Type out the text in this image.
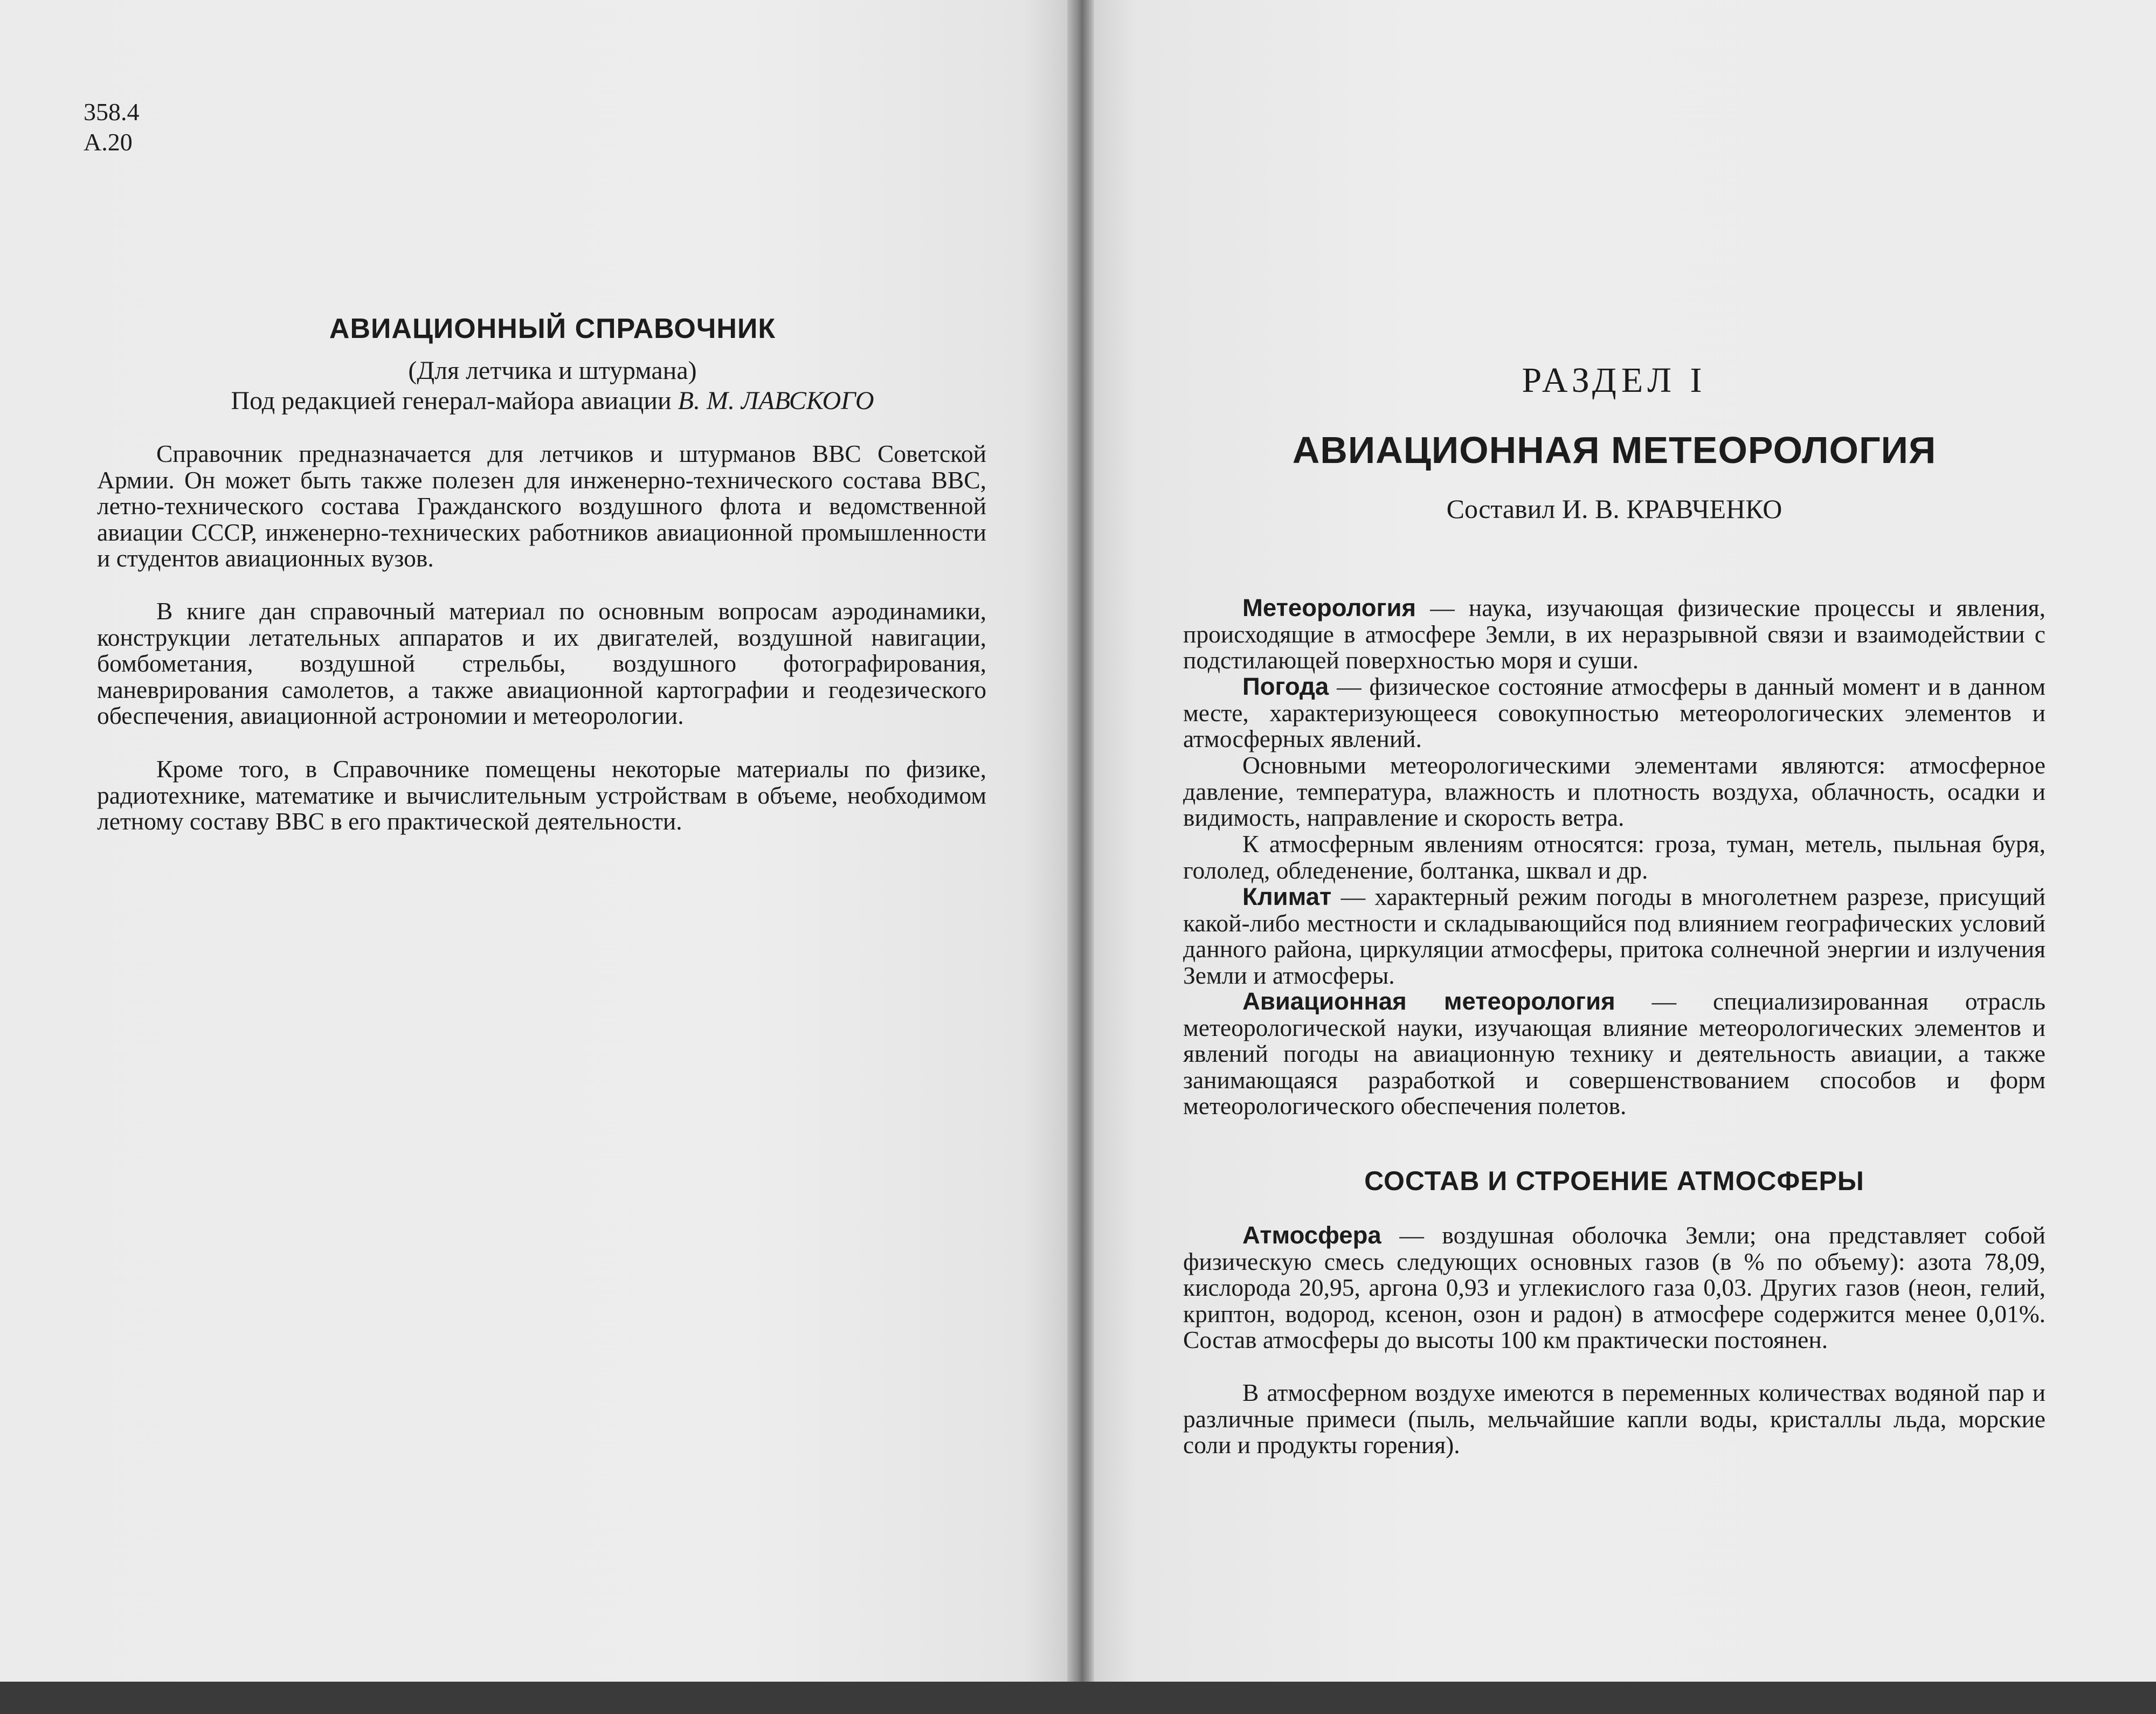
358.4
А.20
АВИАЦИОННЫЙ СПРАВОЧНИК
(Для летчика и штурмана)
Под редакцией генерал-майора авиации В. М. ЛАВСКОГО

Справочник предназначается для летчиков и штурманов ВВС Советской Армии. Он может быть также полезен для инженерно-технического состава ВВС, летно-технического состава Гражданского воздушного флота и ведомственной авиации СССР, инженерно-технических работников авиационной промышленности и студентов авиационных вузов.

В книге дан справочный материал по основным вопросам аэродинамики, конструкции летательных аппаратов и их двигателей, воздушной навигации, бомбометания, воздушной стрельбы, воздушного фотографирования, маневрирования самолетов, а также авиационной картографии и геодезического обеспечения, авиационной астрономии и метеорологии.

Кроме того, в Справочнике помещены некоторые материалы по физике, радиотехнике, математике и вычислительным устройствам в объеме, необходимом летному составу ВВС в его практической деятельности.

РАЗДЕЛ I
АВИАЦИОННАЯ МЕТЕОРОЛОГИЯ
Составил И. В. КРАВЧЕНКО

Метеорология — наука, изучающая физические процессы и явления, происходящие в атмосфере Земли, в их неразрывной связи и взаимодействии с подстилающей поверхностью моря и суши.

Погода — физическое состояние атмосферы в данный момент и в данном месте, характеризующееся совокупностью метеорологических элементов и атмосферных явлений.

Основными метеорологическими элементами являются: атмосферное давление, температура, влажность и плотность воздуха, облачность, осадки и видимость, направление и скорость ветра.

К атмосферным явлениям относятся: гроза, туман, метель, пыльная буря, гололед, обледенение, болтанка, шквал и др.

Климат — характерный режим погоды в многолетнем разрезе, присущий какой-либо местности и складывающийся под влиянием географических условий данного района, циркуляции атмосферы, притока солнечной энергии и излучения Земли и атмосферы.

Авиационная метеорология — специализированная отрасль метеорологической науки, изучающая влияние метеорологических элементов и явлений погоды на авиационную технику и деятельность авиации, а также занимающаяся разработкой и совершенствованием способов и форм метеорологического обеспечения полетов.

СОСТАВ И СТРОЕНИЕ АТМОСФЕРЫ

Атмосфера — воздушная оболочка Земли; она представляет собой физическую смесь следующих основных газов (в % по объему): азота 78,09, кислорода 20,95, аргона 0,93 и углекислого газа 0,03. Других газов (неон, гелий, криптон, водород, ксенон, озон и радон) в атмосфере содержится менее 0,01%. Состав атмосферы до высоты 100 км практически постоянен.

В атмосферном воздухе имеются в переменных количествах водяной пар и различные примеси (пыль, мельчайшие капли воды, кристаллы льда, морские соли и продукты горения).
